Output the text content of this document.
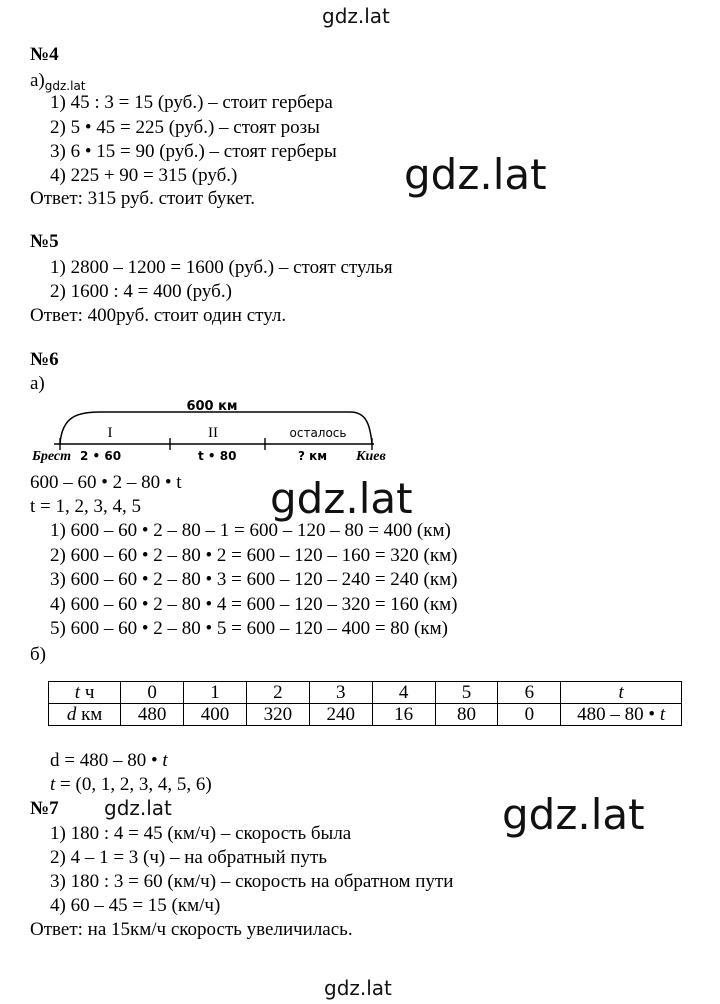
gdz.lat
gdz.lat
gdz.lat
gdz.lat
gdz.lat
gdz.lat
№4
$а)_{gdz.lat}$
1) 45 : 3 = 15 (руб.) – стоит гербера
2) 5 • 45 = 225 (руб.) – стоят розы
3) 6 • 15 = 90 (руб.) – стоят герберы
4) 225 + 90 = 315 (руб.)
Ответ: 315 руб. стоит букет.
№5
1) 2800 – 1200 = 1600 (руб.) – стоят стулья
2) 1600 : 4 = 400 (руб.)
Ответ: 400руб. стоит один стул.
№6
а)
600 км
I	II	осталось
Брест 2 • 60	t • 80	? км Киев
600 – 60 • 2 – 80 • t
t = 1, 2, 3, 4, 5
1) 600 – 60 • 2 – 80 – 1 = 600 – 120 – 80 = 400 (км)
2) 600 – 60 • 2 – 80 • 2 = 600 – 120 – 160 = 320 (км)
3) 600 – 60 • 2 – 80 • 3 = 600 – 120 – 240 = 240 (км)
4) 600 – 60 • 2 – 80 • 4 = 600 – 120 – 320 = 160 (км)
5) 600 – 60 • 2 – 80 • 5 = 600 – 120 – 400 = 80 (км)
б)
t ч	0	1	2	3	4	5	6	t
d км	480	400	320	240	16	80	0	480 – 80 • t
d = 480 – 80 • t
t = (0, 1, 2, 3, 4, 5, 6)
№7
1) 180 : 4 = 45 (км/ч) – скорость была
2) 4 – 1 = 3 (ч) – на обратный путь
3) 180 : 3 = 60 (км/ч) – скорость на обратном пути
4) 60 – 45 = 15 (км/ч)
Ответ: на 15км/ч скорость увеличилась.
